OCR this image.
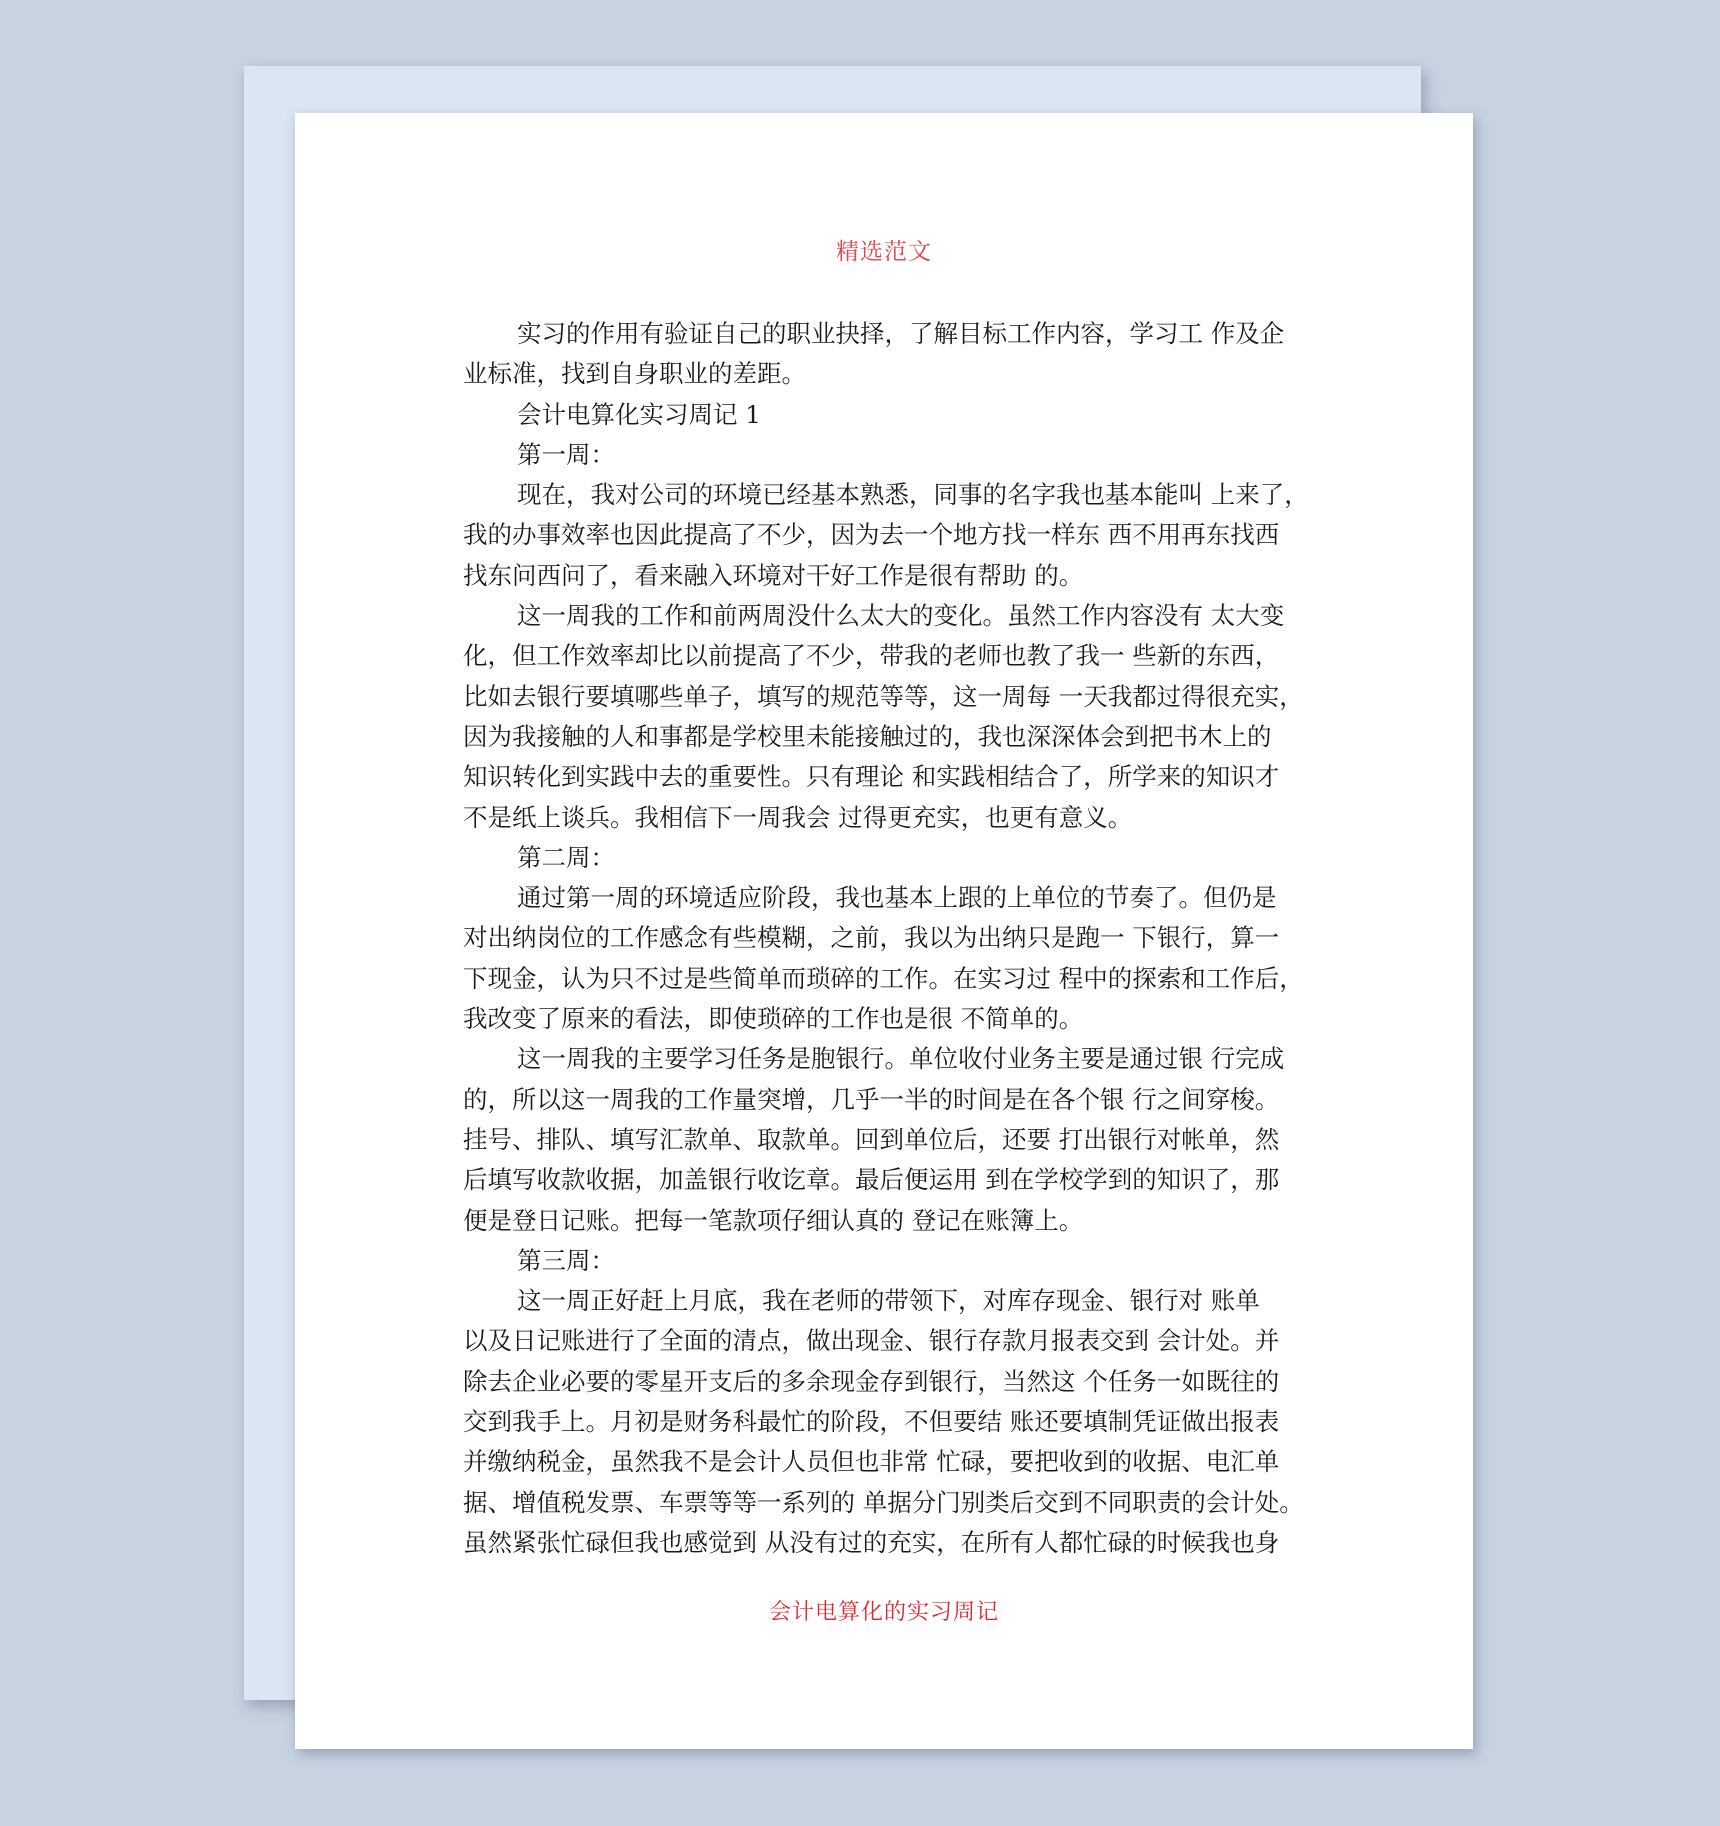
精选范文
实习的作用有验证自己的职业抉择，了解目标工作内容，学习工 作及企
业标准，找到自身职业的差距。
会计电算化实习周记 1
第一周：
现在，我对公司的环境已经基本熟悉，同事的名字我也基本能叫 上来了，
我的办事效率也因此提高了不少，因为去一个地方找一样东 西不用再东找西
找东问西问了，看来融入环境对干好工作是很有帮助 的。
这一周我的工作和前两周没什么太大的变化。虽然工作内容没有 太大变
化，但工作效率却比以前提高了不少，带我的老师也教了我一 些新的东西，
比如去银行要填哪些单子，填写的规范等等，这一周每 一天我都过得很充实，
因为我接触的人和事都是学校里未能接触过的，我也深深体会到把书木上的
知识转化到实践中去的重要性。只有理论 和实践相结合了，所学来的知识才
不是纸上谈兵。我相信下一周我会 过得更充实，也更有意义。
第二周：
通过第一周的环境适应阶段，我也基本上跟的上单位的节奏了。但仍是
对出纳岗位的工作感念有些模糊，之前，我以为出纳只是跑一 下银行，算一
下现金，认为只不过是些简单而琐碎的工作。在实习过 程中的探索和工作后，
我改变了原来的看法，即使琐碎的工作也是很 不简单的。
这一周我的主要学习任务是胞银行。单位收付业务主要是通过银 行完成
的，所以这一周我的工作量突增，几乎一半的时间是在各个银 行之间穿梭。
挂号、排队、填写汇款单、取款单。回到单位后，还要 打出银行对帐单，然
后填写收款收据，加盖银行收讫章。最后便运用 到在学校学到的知识了，那
便是登日记账。把每一笔款项仔细认真的 登记在账簿上。
第三周：
这一周正好赶上月底，我在老师的带领下，对库存现金、银行对 账单
以及日记账进行了全面的清点，做出现金、银行存款月报表交到 会计处。并
除去企业必要的零星开支后的多余现金存到银行，当然这 个任务一如既往的
交到我手上。月初是财务科最忙的阶段，不但要结 账还要填制凭证做出报表
并缴纳税金，虽然我不是会计人员但也非常 忙碌，要把收到的收据、电汇单
据、增值税发票、车票等等一系列的 单据分门别类后交到不同职责的会计处。
虽然紧张忙碌但我也感觉到 从没有过的充实，在所有人都忙碌的时候我也身
会计电算化的实习周记
